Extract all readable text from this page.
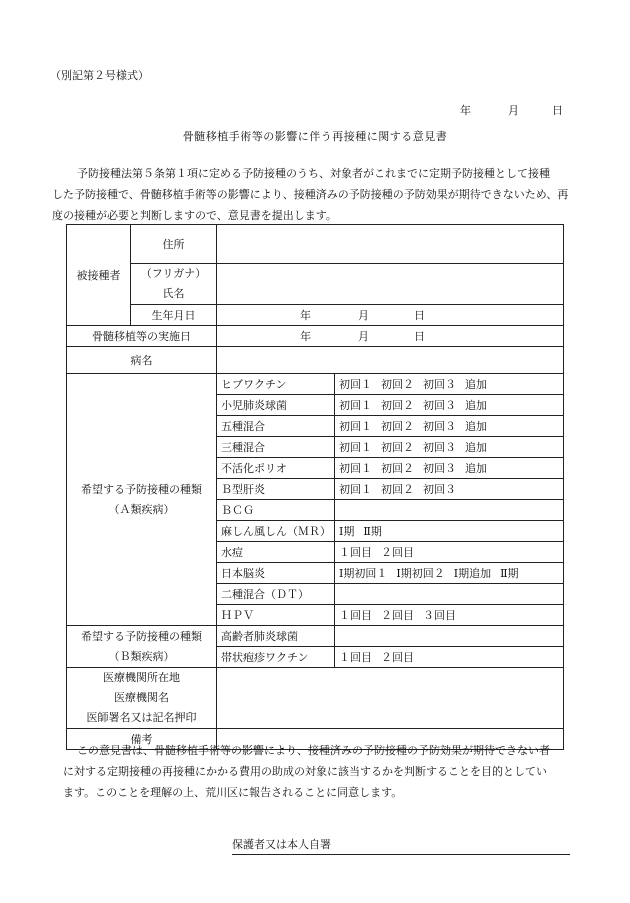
（別記第２号様式）
年	月	日
骨髄移植手術等の影響に伴う再接種に関する意見書
予防接種法第５条第１項に定める予防接種のうち、対象者がこれまでに定期予防接種として接種
した予防接種で、骨髄移植手術等の影響により、接種済みの予防接種の予防効果が期待できないため、再
度の接種が必要と判断しますので、意見書を提出します。
被接種者	住所		

	（フリガナ）
氏名		

	生年月日	年 月 日	
骨髄移植等の実施日		年 月 日	
病名			

希望する予防接種の種類
（Ａ類疾病）		ヒブワクチン	初回１ 初回２ 初回３ 追加
		小児肺炎球菌	初回１ 初回２ 初回３ 追加
		五種混合	初回１ 初回２ 初回３ 追加
		三種混合	初回１ 初回２ 初回３ 追加
		不活化ポリオ	初回１ 初回２ 初回３ 追加
		Ｂ型肝炎	初回１ 初回２ 初回３
		ＢＣＧ	
		麻しん風しん（ＭＲ）	Ⅰ期 Ⅱ期
		水痘	１回目 ２回目
		日本脳炎	Ⅰ期初回１ Ⅰ期初回２ Ⅰ期追加 Ⅱ期
		二種混合（ＤＴ）	
		ＨＰＶ	１回目 ２回目 ３回目

希望する予防接種の種類
（Ｂ類疾病）		高齢者肺炎球菌	
		帯状疱疹ワクチン	１回目 ２回目

医療機関所在地
医療機関名
医師署名又は記名押印			

備考			
この意見書は、骨髄移植手術等の影響により、接種済みの予防接種の予防効果が期待できない者
に対する定期接種の再接種にかかる費用の助成の対象に該当するかを判断することを目的としてい
ます。このことを理解の上、荒川区に報告されることに同意します。
保護者又は本人自署
